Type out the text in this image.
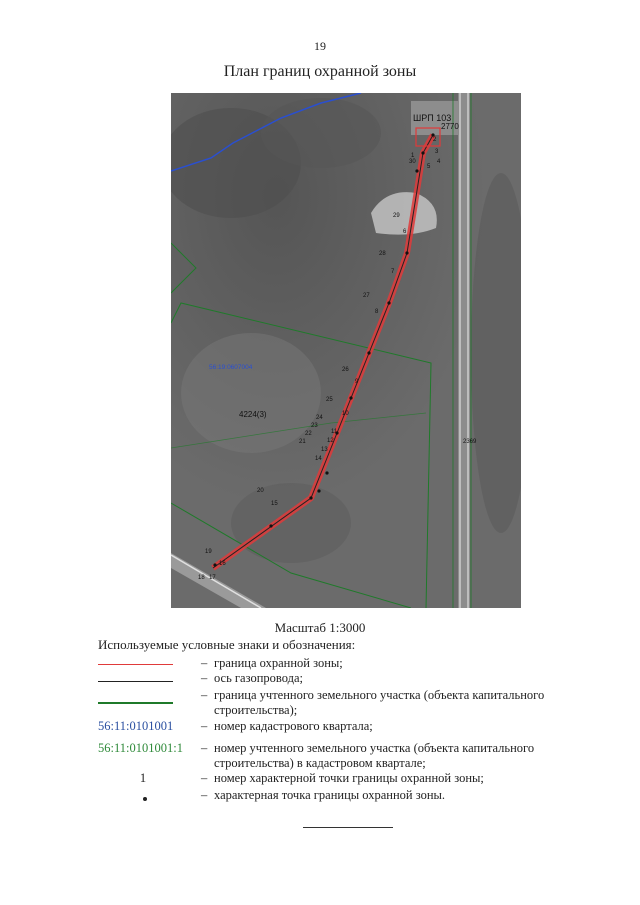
19
План границ охранной зоны
ШРП 103
2770
4224(3)
56:19:0607004
2369
1
2
3
4
5
6
7
8
9
10
11
12
13
14
15
16
17
18
19
20
21
22
23
24
25
26
27
28
29
30
Масштаб 1:3000
Используемые условные знаки и обозначения:
– граница охранной зоны;
– ось газопровода;
– граница учтенного земельного участка (объекта капитального строительства);
56:11:0101001 – номер кадастрового квартала;
56:11:0101001:1 – номер учтенного земельного участка (объекта капитального строительства) в кадастровом квартале;
1	– номер характерной точки границы охранной зоны;
– характерная точка границы охранной зоны.
